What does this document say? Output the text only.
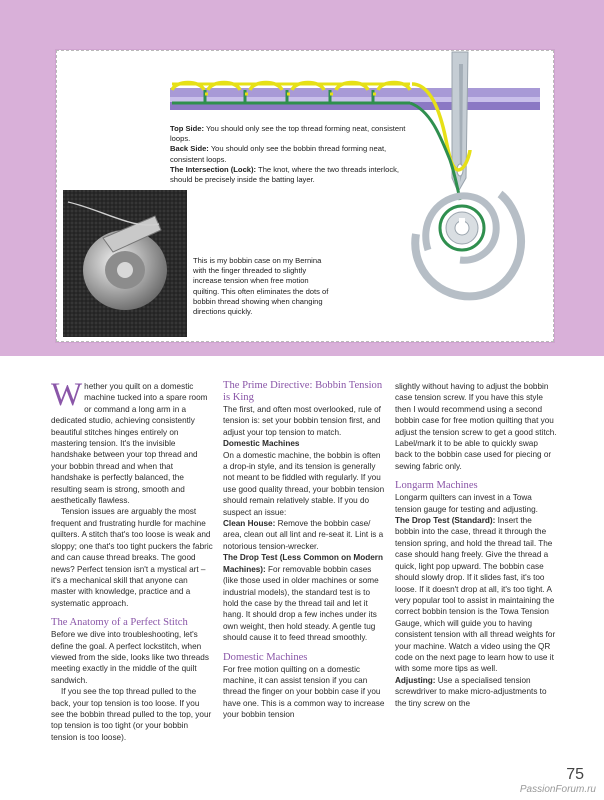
Top Side: You should only see the top thread forming neat, consistent loops.
Back Side: You should only see the bobbin thread forming neat, consistent loops.
The Intersection (Lock): The knot, where the two threads interlock, should be precisely inside the batting layer.
This is my bobbin case on my Bernina with the finger threaded to slightly increase tension when free motion quilting. This often eliminates the dots of bobbin thread showing when changing directions quickly.

Whether you quilt on a domestic machine tucked into a spare room or command a long arm in a dedicated studio, achieving consistently beautiful stitches hinges entirely on mastering tension. It's the invisible handshake between your top thread and your bobbin thread and when that handshake is perfectly balanced, the resulting seam is strong, smooth and aesthetically flawless.

Tension issues are arguably the most frequent and frustrating hurdle for machine quilters. A stitch that's too loose is weak and sloppy; one that's too tight puckers the fabric and can cause thread breaks. The good news? Perfect tension isn't a mystical art – it's a mechanical skill that anyone can master with knowledge, practice and a systematic approach.

The Anatomy of a Perfect Stitch

Before we dive into troubleshooting, let's define the goal. A perfect lockstitch, when viewed from the side, looks like two threads meeting exactly in the middle of the quilt sandwich.

If you see the top thread pulled to the back, your top tension is too loose. If you see the bobbin thread pulled to the top, your top tension is too tight (or your bobbin tension is too loose).

The Prime Directive: Bobbin Tension is King

The first, and often most overlooked, rule of tension is: set your bobbin tension first, and adjust your top tension to match.

Domestic Machines

On a domestic machine, the bobbin is often a drop-in style, and its tension is generally not meant to be fiddled with regularly. If you use good quality thread, your bobbin tension should remain relatively stable. If you do suspect an issue:

Clean House: Remove the bobbin case/ area, clean out all lint and re-seat it. Lint is a notorious tension-wrecker.

The Drop Test (Less Common on Modern Machines): For removable bobbin cases (like those used in older machines or some industrial models), the standard test is to hold the case by the thread tail and let it hang. It should drop a few inches under its own weight, then hold steady. A gentle tug should cause it to feed thread smoothly.

Domestic Machines

For free motion quilting on a domestic machine, it can assist tension if you can thread the finger on your bobbin case if you have one. This is a common way to increase your bobbin tension

slightly without having to adjust the bobbin case tension screw. If you have this style then I would recommend using a second bobbin case for free motion quilting that you adjust the tension screw to get a good stitch. Label/mark it to be able to quickly swap back to the bobbin case used for piecing or sewing fabric only.

Longarm Machines

Longarm quilters can invest in a Towa tension gauge for testing and adjusting.

The Drop Test (Standard): Insert the bobbin into the case, thread it through the tension spring, and hold the thread tail. The case should hang freely. Give the thread a quick, light pop upward. The bobbin case should slowly drop. If it slides fast, it's too loose. If it doesn't drop at all, it's too tight. A very popular tool to assist in maintaining the correct bobbin tension is the Towa Tension Gauge, which will guide you to having consistent tension with all thread weights for your machine. Watch a video using the QR code on the next page to learn how to use it with some more tips as well.

Adjusting: Use a specialised tension screwdriver to make micro-adjustments to the tiny screw on the

75
PassionForum.ru
